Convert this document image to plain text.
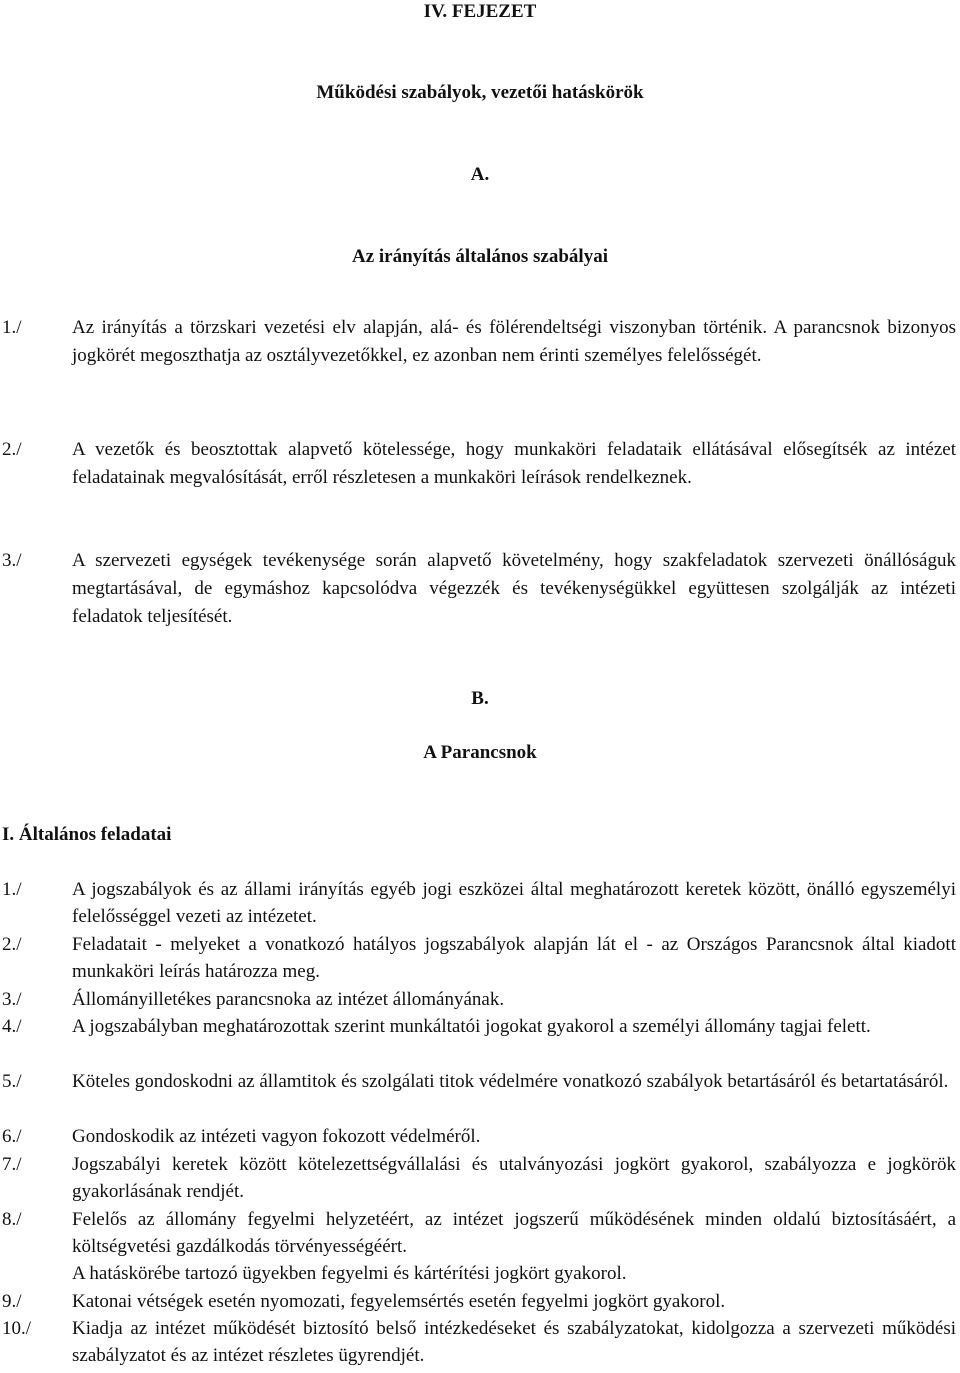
IV. FEJEZET
Működési szabályok, vezetői hatáskörök
A.
Az irányítás általános szabályai
1./	Az irányítás a törzskari vezetési elv alapján, alá- és fölérendeltségi viszonyban történik. A parancsnok bizonyos jogkörét megoszthatja az osztályvezetőkkel, ez azonban nem érinti személyes felelősségét.
2./	A vezetők és beosztottak alapvető kötelessége, hogy munkaköri feladataik ellátásával elősegítsék az intézet feladatainak megvalósítását, erről részletesen a munkaköri leírások rendelkeznek.
3./	A szervezeti egységek tevékenysége során alapvető követelmény, hogy szakfeladatok szervezeti önállóságuk megtartásával, de egymáshoz kapcsolódva végezzék és tevékenységükkel együttesen szolgálják az intézeti feladatok teljesítését.
B.
A Parancsnok
I. Általános feladatai
1./	A jogszabályok és az állami irányítás egyéb jogi eszközei által meghatározott keretek között, önálló egyszemélyi felelősséggel vezeti az intézetet.
2./	Feladatait - melyeket a vonatkozó hatályos jogszabályok alapján lát el - az Országos Parancsnok által kiadott munkaköri leírás határozza meg.
3./	Állományilletékes parancsnoka az intézet állományának.
4./	A jogszabályban meghatározottak szerint munkáltatói jogokat gyakorol a személyi állomány tagjai felett.
5./	Köteles gondoskodni az államtitok és szolgálati titok védelmére vonatkozó szabályok betartásáról és betartatásáról.
6./	Gondoskodik az intézeti vagyon fokozott védelméről.
7./	Jogszabályi keretek között kötelezettségvállalási és utalványozási jogkört gyakorol, szabályozza e jogkörök gyakorlásának rendjét.
8./	Felelős az állomány fegyelmi helyzetéért, az intézet jogszerű működésének minden oldalú biztosításáért, a költségvetési gazdálkodás törvényességéért.
A hatáskörébe tartozó ügyekben fegyelmi és kártérítési jogkört gyakorol.
9./	Katonai vétségek esetén nyomozati, fegyelemsértés esetén fegyelmi jogkört gyakorol.
10./ Kiadja az intézet működését biztosító belső intézkedéseket és szabályzatokat, kidolgozza a szervezeti működési szabályzatot és az intézet részletes ügyrendjét.
